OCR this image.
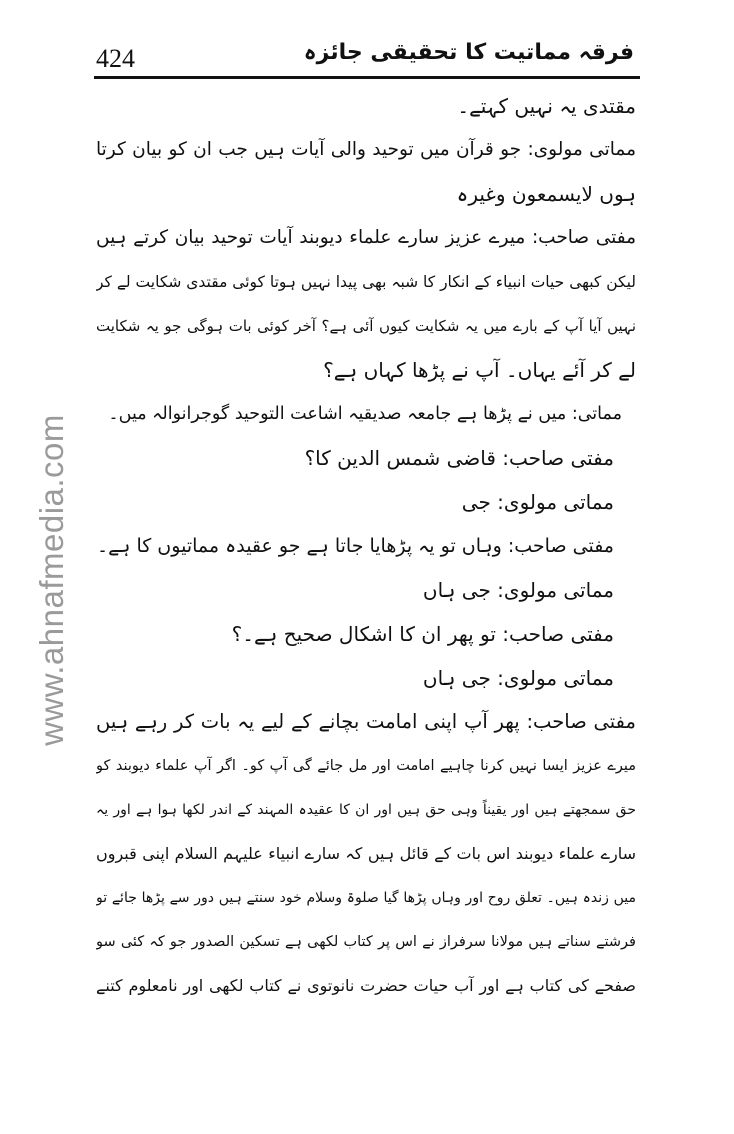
424	فرقہ مماتیت کا تحقیقی جائزہ
www.ahnafmedia.com
مقتدی یہ نہیں کہتے۔
مماتی مولوی: جو قرآن میں توحید والی آیات ہیں جب ان کو بیان کرتا
ہوں لایسمعون وغیرہ
مفتی صاحب: میرے عزیز سارے علماء دیوبند آیات توحید بیان کرتے ہیں
لیکن کبھی حیات انبیاء کے انکار کا شبہ بھی پیدا نہیں ہوتا کوئی مقتدی شکایت لے کر
نہیں آیا آپ کے بارے میں یہ شکایت کیوں آئی ہے؟ آخر کوئی بات ہوگی جو یہ شکایت
لے کر آئے یہاں۔ آپ نے پڑھا کہاں ہے؟
مماتی: میں نے پڑھا ہے جامعہ صدیقیہ اشاعت التوحید گوجرانوالہ میں۔
مفتی صاحب: قاضی شمس الدین کا؟
مماتی مولوی: جی
مفتی صاحب: وہاں تو یہ پڑھایا جاتا ہے جو عقیدہ مماتیوں کا ہے۔
مماتی مولوی: جی ہاں
مفتی صاحب: تو پھر ان کا اشکال صحیح ہے۔؟
مماتی مولوی: جی ہاں
مفتی صاحب: پھر آپ اپنی امامت بچانے کے لیے یہ بات کر رہے ہیں
میرے عزیز ایسا نہیں کرنا چاہیے امامت اور مل جائے گی آپ کو۔ اگر آپ علماء دیوبند کو
حق سمجھتے ہیں اور یقیناً وہی حق ہیں اور ان کا عقیدہ المہند کے اندر لکھا ہوا ہے اور یہ
سارے علماء دیوبند اس بات کے قائل ہیں کہ سارے انبیاء علیہم السلام اپنی قبروں
میں زندہ ہیں۔ تعلق روح اور وہاں پڑھا گیا صلوۃ وسلام خود سنتے ہیں دور سے پڑھا جائے تو
فرشتے سناتے ہیں مولانا سرفراز نے اس پر کتاب لکھی ہے تسکین الصدور جو کہ کئی سو
صفحے کی کتاب ہے اور آب حیات حضرت نانوتوی نے کتاب لکھی اور نامعلوم کتنے
